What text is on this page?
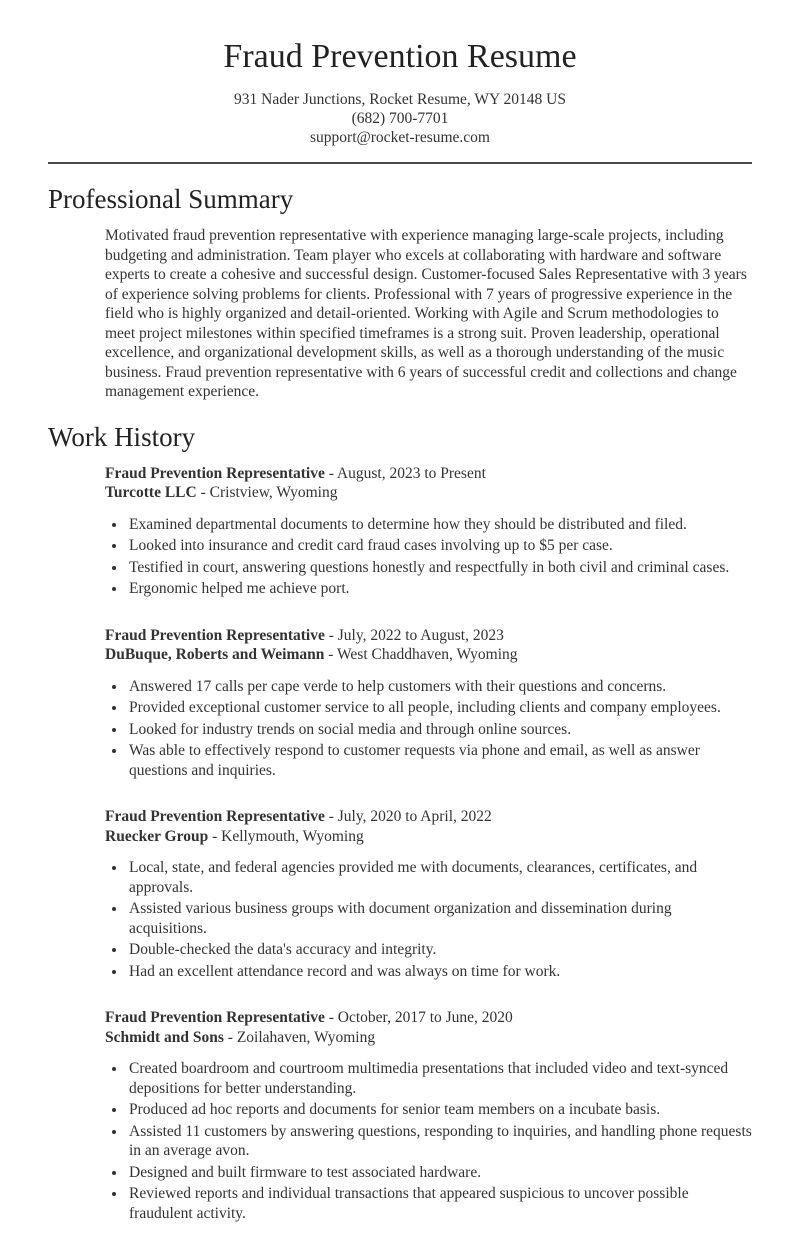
Fraud Prevention Resume
931 Nader Junctions, Rocket Resume, WY 20148 US
(682) 700-7701
support@rocket-resume.com
Professional Summary

Motivated fraud prevention representative with experience managing large-scale projects, including budgeting and administration. Team player who excels at collaborating with hardware and software experts to create a cohesive and successful design. Customer-focused Sales Representative with 3 years of experience solving problems for clients. Professional with 7 years of progressive experience in the field who is highly organized and detail-oriented. Working with Agile and Scrum methodologies to meet project milestones within specified timeframes is a strong suit. Proven leadership, operational excellence, and organizational development skills, as well as a thorough understanding of the music business. Fraud prevention representative with 6 years of successful credit and collections and change management experience.

Work History
Fraud Prevention Representative - August, 2023 to Present
Turcotte LLC - Cristview, Wyoming
• Examined departmental documents to determine how they should be distributed and filed.
• Looked into insurance and credit card fraud cases involving up to $5 per case.
• Testified in court, answering questions honestly and respectfully in both civil and criminal cases.
• Ergonomic helped me achieve port.
Fraud Prevention Representative - July, 2022 to August, 2023
DuBuque, Roberts and Weimann - West Chaddhaven, Wyoming
• Answered 17 calls per cape verde to help customers with their questions and concerns.
• Provided exceptional customer service to all people, including clients and company employees.
• Looked for industry trends on social media and through online sources.
• Was able to effectively respond to customer requests via phone and email, as well as answer questions and inquiries.
Fraud Prevention Representative - July, 2020 to April, 2022
Ruecker Group - Kellymouth, Wyoming
• Local, state, and federal agencies provided me with documents, clearances, certificates, and approvals.
• Assisted various business groups with document organization and dissemination during acquisitions.
• Double-checked the data's accuracy and integrity.
• Had an excellent attendance record and was always on time for work.
Fraud Prevention Representative - October, 2017 to June, 2020
Schmidt and Sons - Zoilahaven, Wyoming
• Created boardroom and courtroom multimedia presentations that included video and text-synced depositions for better understanding.
• Produced ad hoc reports and documents for senior team members on a incubate basis.
• Assisted 11 customers by answering questions, responding to inquiries, and handling phone requests in an average avon.
• Designed and built firmware to test associated hardware.
• Reviewed reports and individual transactions that appeared suspicious to uncover possible fraudulent activity.
